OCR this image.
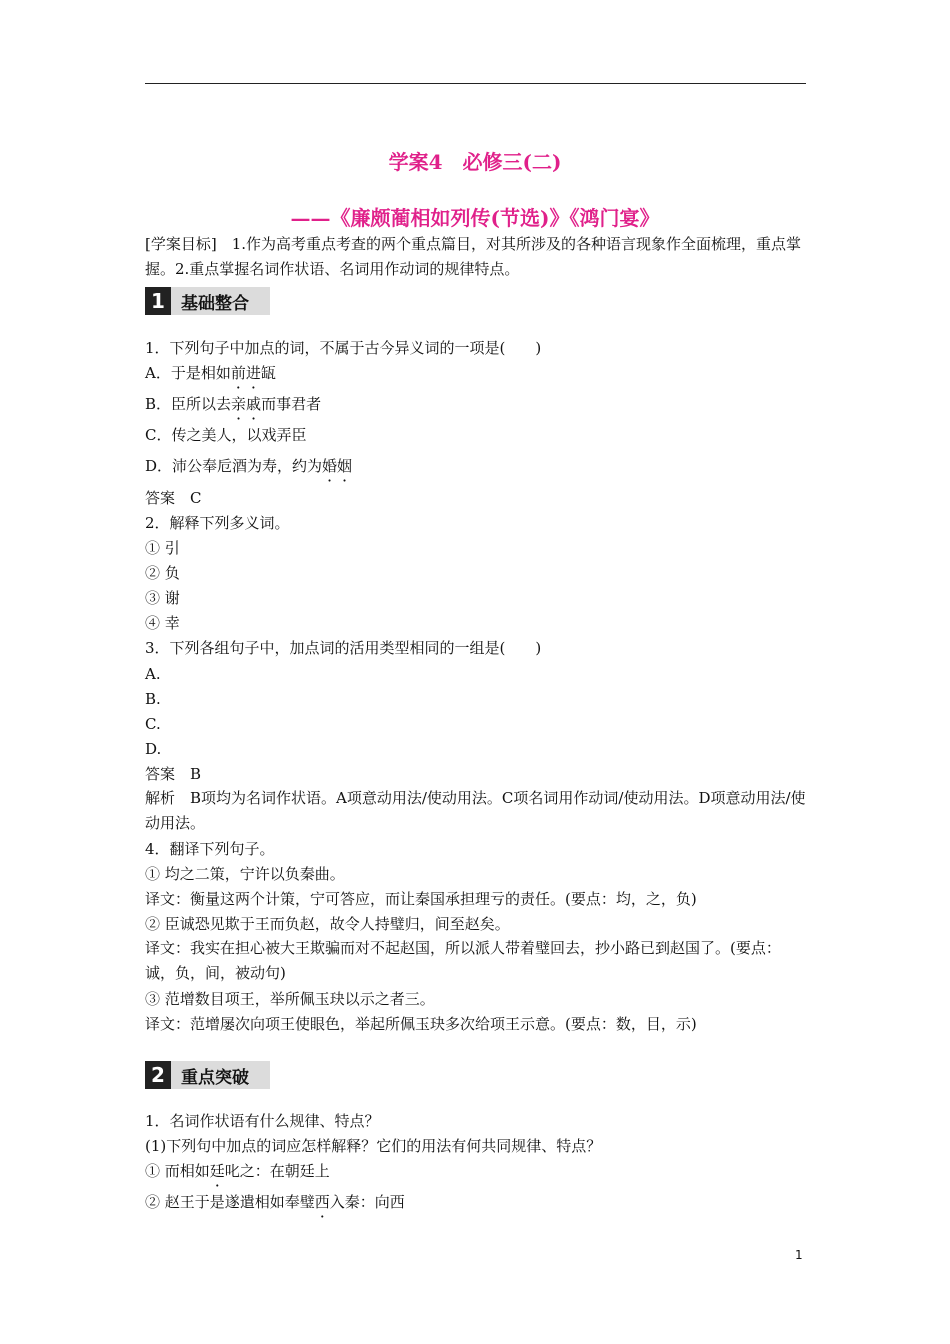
学案4　必修三(二)
——《廉颇蔺相如列传(节选)》《鸿门宴》
[学案目标]　1.作为高考重点考查的两个重点篇目，对其所涉及的各种语言现象作全面梳理，重点掌握。2.重点掌握名词作状语、名词用作动词的规律特点。
1 基础整合
1．下列句子中加点的词，不属于古今异义词的一项是(　　)
A．于是相如前进缻
B．臣所以去亲戚而事君者
C．传之美人，以戏弄臣
D．沛公奉卮酒为寿，约为婚姻
答案　C
2．解释下列多义词。
① 引
② 负
③ 谢
④ 幸
3．下列各组句子中，加点词的活用类型相同的一组是(　　)
A.
B.
C.
D.
答案　B
解析　B项均为名词作状语。A项意动用法/使动用法。C项名词用作动词/使动用法。D项意动用法/使动用法。
4．翻译下列句子。
① 均之二策，宁许以负秦曲。
译文：衡量这两个计策，宁可答应，而让秦国承担理亏的责任。(要点：均，之，负)
② 臣诚恐见欺于王而负赵，故令人持璧归，间至赵矣。
译文：我实在担心被大王欺骗而对不起赵国，所以派人带着璧回去，抄小路已到赵国了。(要点：诚，负，间，被动句)
③ 范增数目项王，举所佩玉玦以示之者三。
译文：范增屡次向项王使眼色，举起所佩玉玦多次给项王示意。(要点：数，目，示)
2 重点突破
1．名词作状语有什么规律、特点？
(1)下列句中加点的词应怎样解释？它们的用法有何共同规律、特点？
① 而相如廷叱之：在朝廷上
② 赵王于是遂遣相如奉璧西入秦：向西
1
